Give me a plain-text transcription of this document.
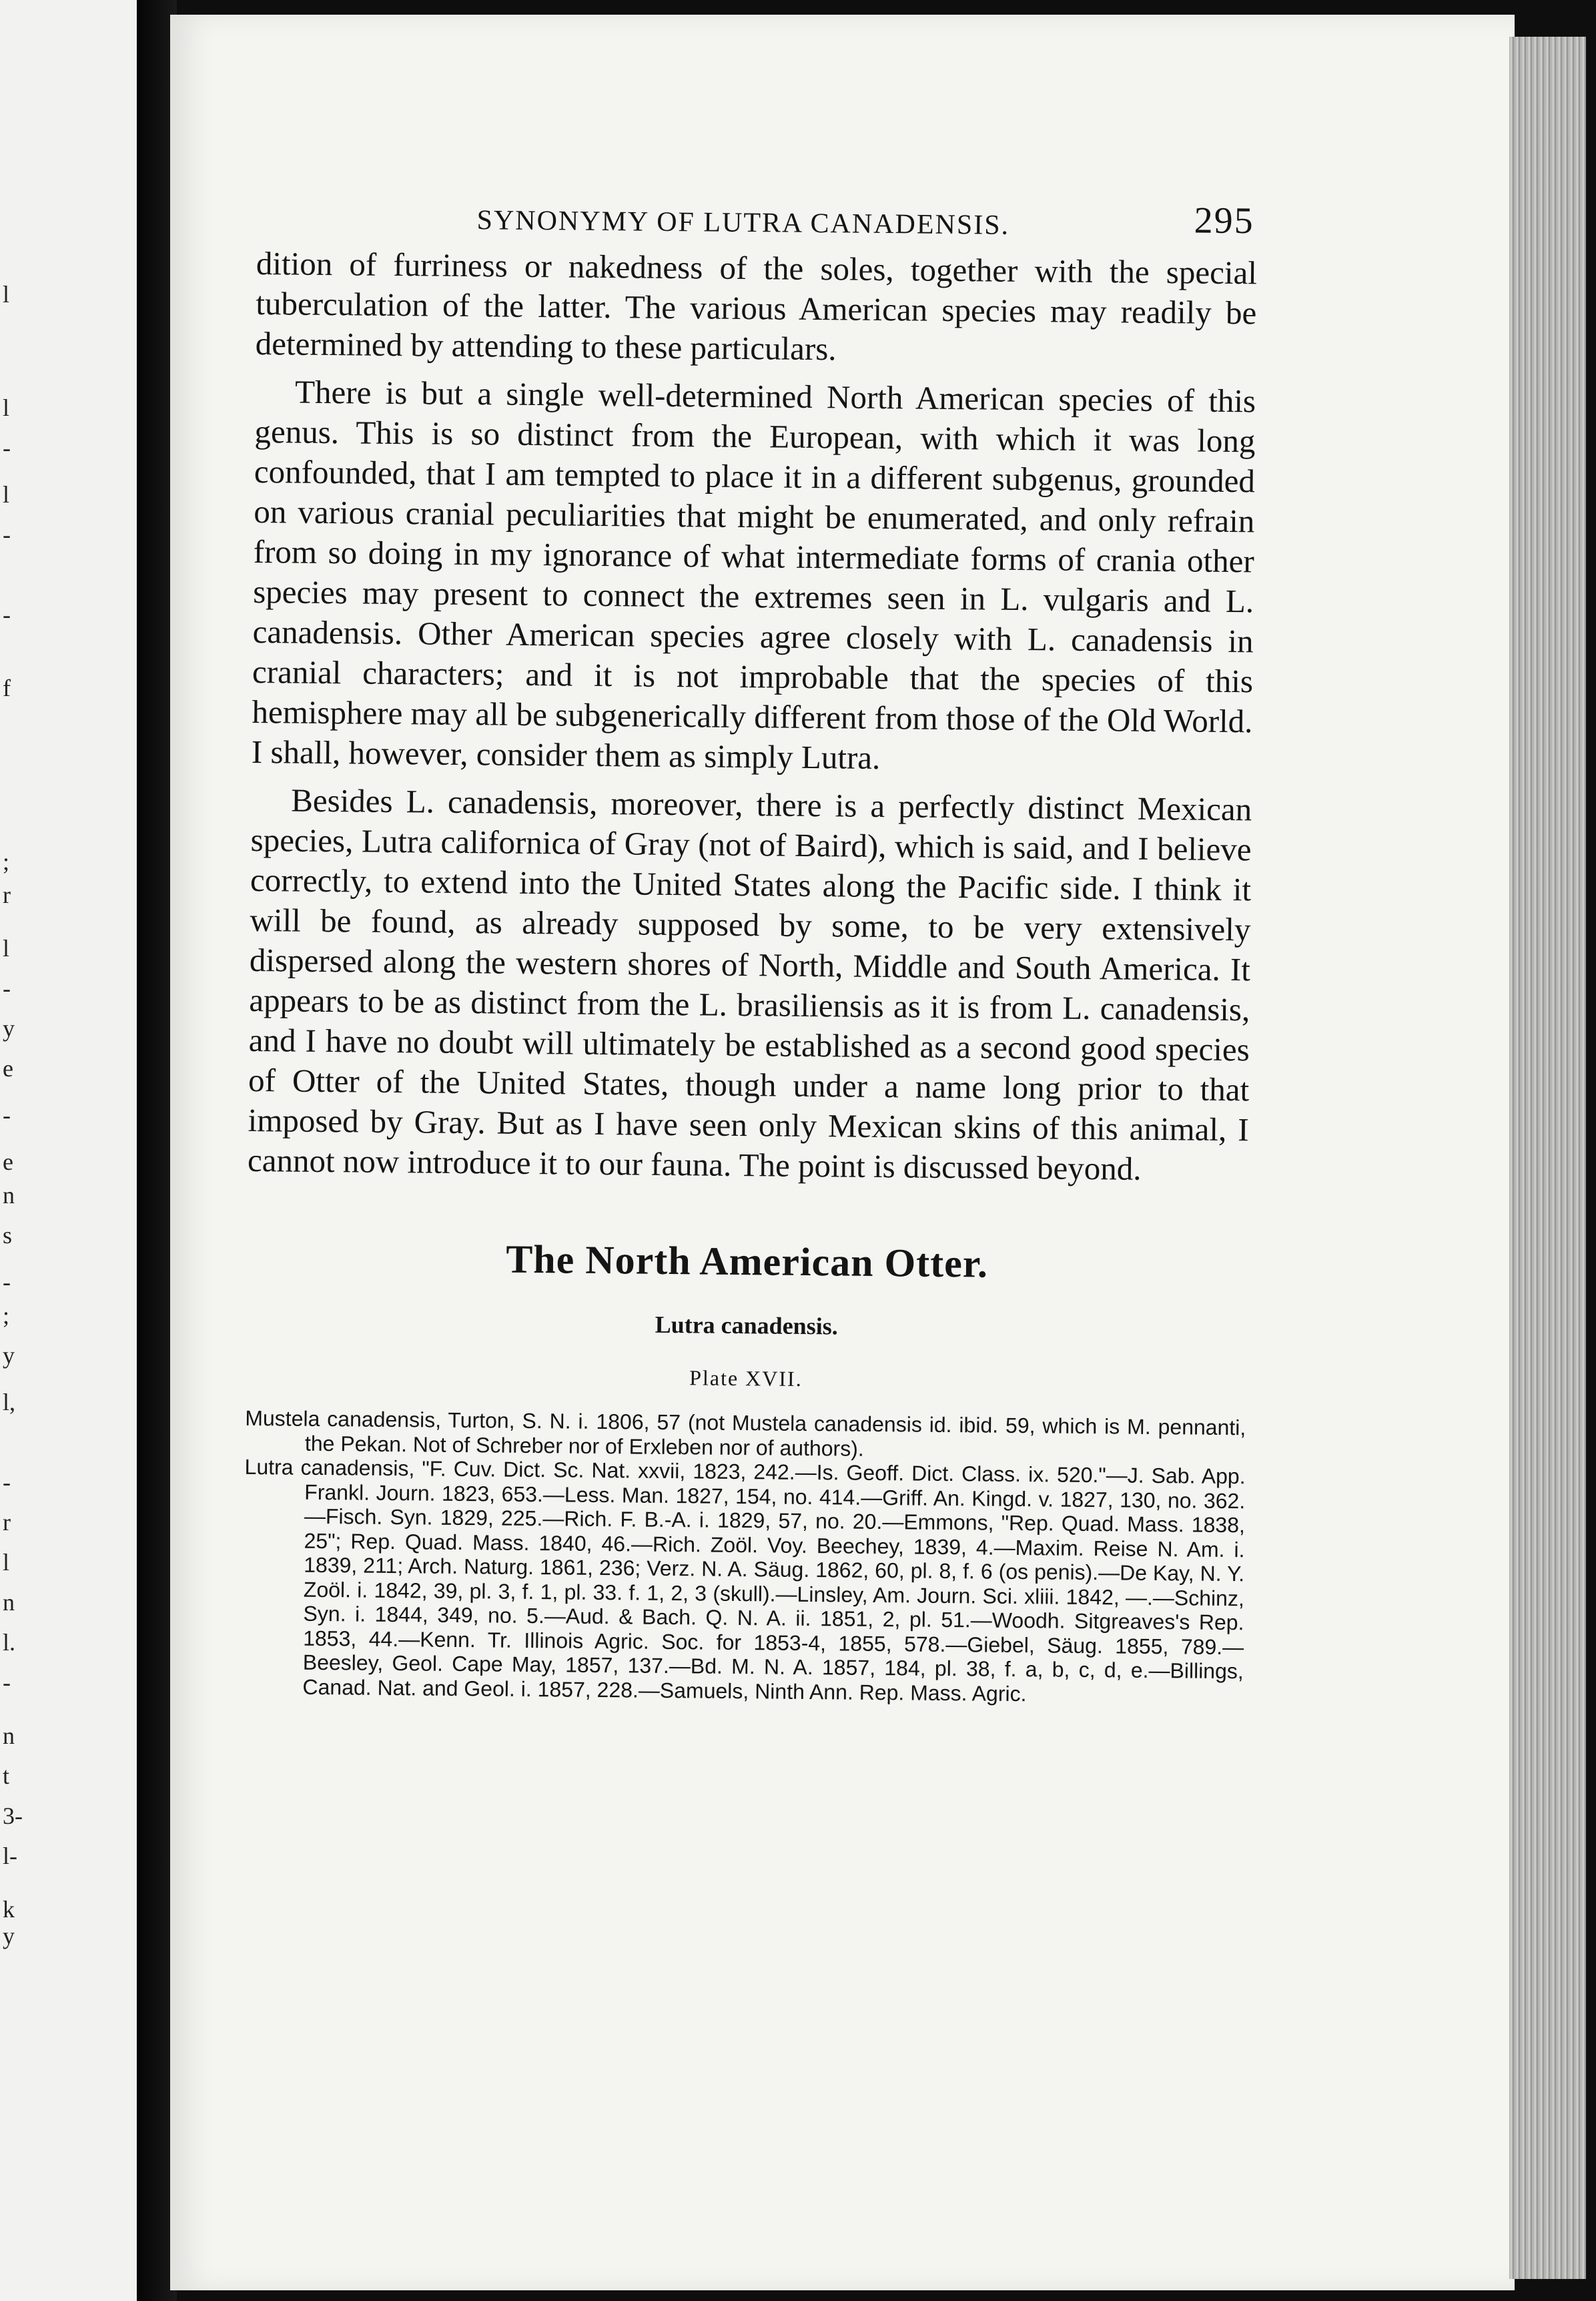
l
l
-
l
-
-
f
;
r
l
-
y
e
-
e
n
s
-
;
y
l,
-
r
l
n
l.
-
n
t
3-
l-
k
y
SYNONYMY OF LUTRA CANADENSIS.	295

dition of furriness or nakedness of the soles, together with the special tuberculation of the latter. The various American species may readily be determined by attending to these particulars.

There is but a single well-determined North American species of this genus. This is so distinct from the European, with which it was long confounded, that I am tempted to place it in a different subgenus, grounded on various cranial peculiarities that might be enumerated, and only refrain from so doing in my ignorance of what intermediate forms of crania other species may present to connect the extremes seen in L. vulgaris and L. canadensis. Other American species agree closely with L. canadensis in cranial characters; and it is not improbable that the species of this hemisphere may all be subgenerically different from those of the Old World. I shall, however, consider them as simply Lutra.

Besides L. canadensis, moreover, there is a perfectly distinct Mexican species, Lutra californica of Gray (not of Baird), which is said, and I believe correctly, to extend into the United States along the Pacific side. I think it will be found, as already supposed by some, to be very extensively dispersed along the western shores of North, Middle and South America. It appears to be as distinct from the L. brasiliensis as it is from L. canadensis, and I have no doubt will ultimately be established as a second good species of Otter of the United States, though under a name long prior to that imposed by Gray. But as I have seen only Mexican skins of this animal, I cannot now introduce it to our fauna. The point is discussed beyond.

The North American Otter.
Lutra canadensis.
Plate XVII.

Mustela canadensis, Turton, S. N. i. 1806, 57 (not Mustela canadensis id. ibid. 59, which is M. pennanti, the Pekan. Not of Schreber nor of Erxleben nor of authors).

Lutra canadensis, "F. Cuv. Dict. Sc. Nat. xxvii, 1823, 242.—Is. Geoff. Dict. Class. ix. 520."—J. Sab. App. Frankl. Journ. 1823, 653.—Less. Man. 1827, 154, no. 414.—Griff. An. Kingd. v. 1827, 130, no. 362.—Fisch. Syn. 1829, 225.—Rich. F. B.-A. i. 1829, 57, no. 20.—Emmons, "Rep. Quad. Mass. 1838, 25"; Rep. Quad. Mass. 1840, 46.—Rich. Zoöl. Voy. Beechey, 1839, 4.—Maxim. Reise N. Am. i. 1839, 211; Arch. Naturg. 1861, 236; Verz. N. A. Säug. 1862, 60, pl. 8, f. 6 (os penis).—De Kay, N. Y. Zoöl. i. 1842, 39, pl. 3, f. 1, pl. 33. f. 1, 2, 3 (skull).—Linsley, Am. Journ. Sci. xliii. 1842, —.—Schinz, Syn. i. 1844, 349, no. 5.—Aud. & Bach. Q. N. A. ii. 1851, 2, pl. 51.—Woodh. Sitgreaves's Rep. 1853, 44.—Kenn. Tr. Illinois Agric. Soc. for 1853-4, 1855, 578.—Giebel, Säug. 1855, 789.—Beesley, Geol. Cape May, 1857, 137.—Bd. M. N. A. 1857, 184, pl. 38, f. a, b, c, d, e.—Billings, Canad. Nat. and Geol. i. 1857, 228.—Samuels, Ninth Ann. Rep. Mass. Agric.
